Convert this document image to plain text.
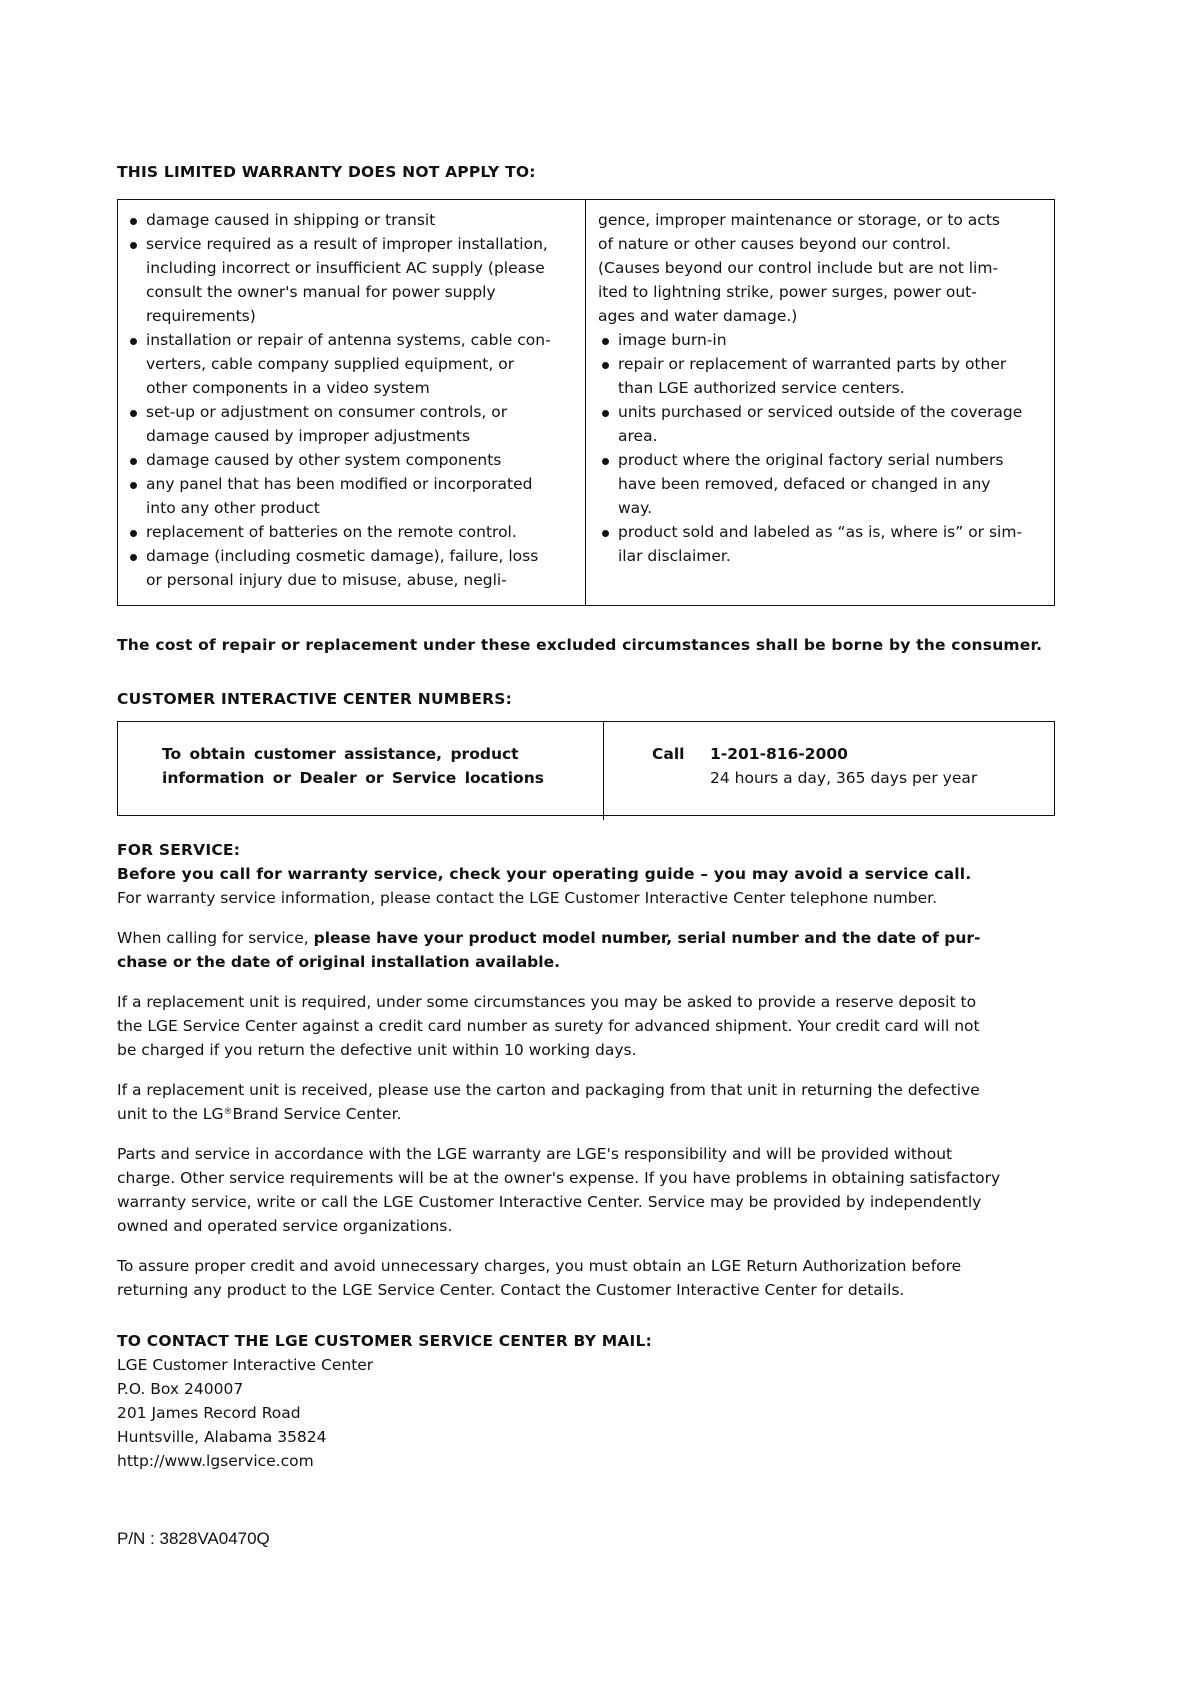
THIS LIMITED WARRANTY DOES NOT APPLY TO:
damage caused in shipping or transit
service required as a result of improper installation,
including incorrect or insufficient AC supply (please
consult the owner's manual for power supply
requirements)
installation or repair of antenna systems, cable con-
verters, cable company supplied equipment, or
other components in a video system
set-up or adjustment on consumer controls, or
damage caused by improper adjustments
damage caused by other system components
any panel that has been modified or incorporated
into any other product
replacement of batteries on the remote control.
damage (including cosmetic damage), failure, loss
or personal injury due to misuse, abuse, negli-
gence, improper maintenance or storage, or to acts
of nature or other causes beyond our control.
(Causes beyond our control include but are not lim-
ited to lightning strike, power surges, power out-
ages and water damage.)
image burn-in
repair or replacement of warranted parts by other
than LGE authorized service centers.
units purchased or serviced outside of the coverage
area.
product where the original factory serial numbers
have been removed, defaced or changed in any
way.
product sold and labeled as “as is, where is” or sim-
ilar disclaimer.
The cost of repair or replacement under these excluded circumstances shall be borne by the consumer.
CUSTOMER INTERACTIVE CENTER NUMBERS:
To obtain customer assistance, product
information or Dealer or Service locations
Call 1-201-816-2000
24 hours a day, 365 days per year
FOR SERVICE:
Before you call for warranty service, check your operating guide – you may avoid a service call.
For warranty service information, please contact the LGE Customer Interactive Center telephone number.

When calling for service, please have your product model number, serial number and the date of pur-
chase or the date of original installation available.

If a replacement unit is required, under some circumstances you may be asked to provide a reserve deposit to
the LGE Service Center against a credit card number as surety for advanced shipment. Your credit card will not
be charged if you return the defective unit within 10 working days.

If a replacement unit is received, please use the carton and packaging from that unit in returning the defective
unit to the LG®Brand Service Center.

Parts and service in accordance with the LGE warranty are LGE's responsibility and will be provided without
charge. Other service requirements will be at the owner's expense. If you have problems in obtaining satisfactory
warranty service, write or call the LGE Customer Interactive Center. Service may be provided by independently
owned and operated service organizations.

To assure proper credit and avoid unnecessary charges, you must obtain an LGE Return Authorization before
returning any product to the LGE Service Center. Contact the Customer Interactive Center for details.

TO CONTACT THE LGE CUSTOMER SERVICE CENTER BY MAIL:
LGE Customer Interactive Center
P.O. Box 240007
201 James Record Road
Huntsville, Alabama 35824
http://www.lgservice.com
P/N : 3828VA0470Q
